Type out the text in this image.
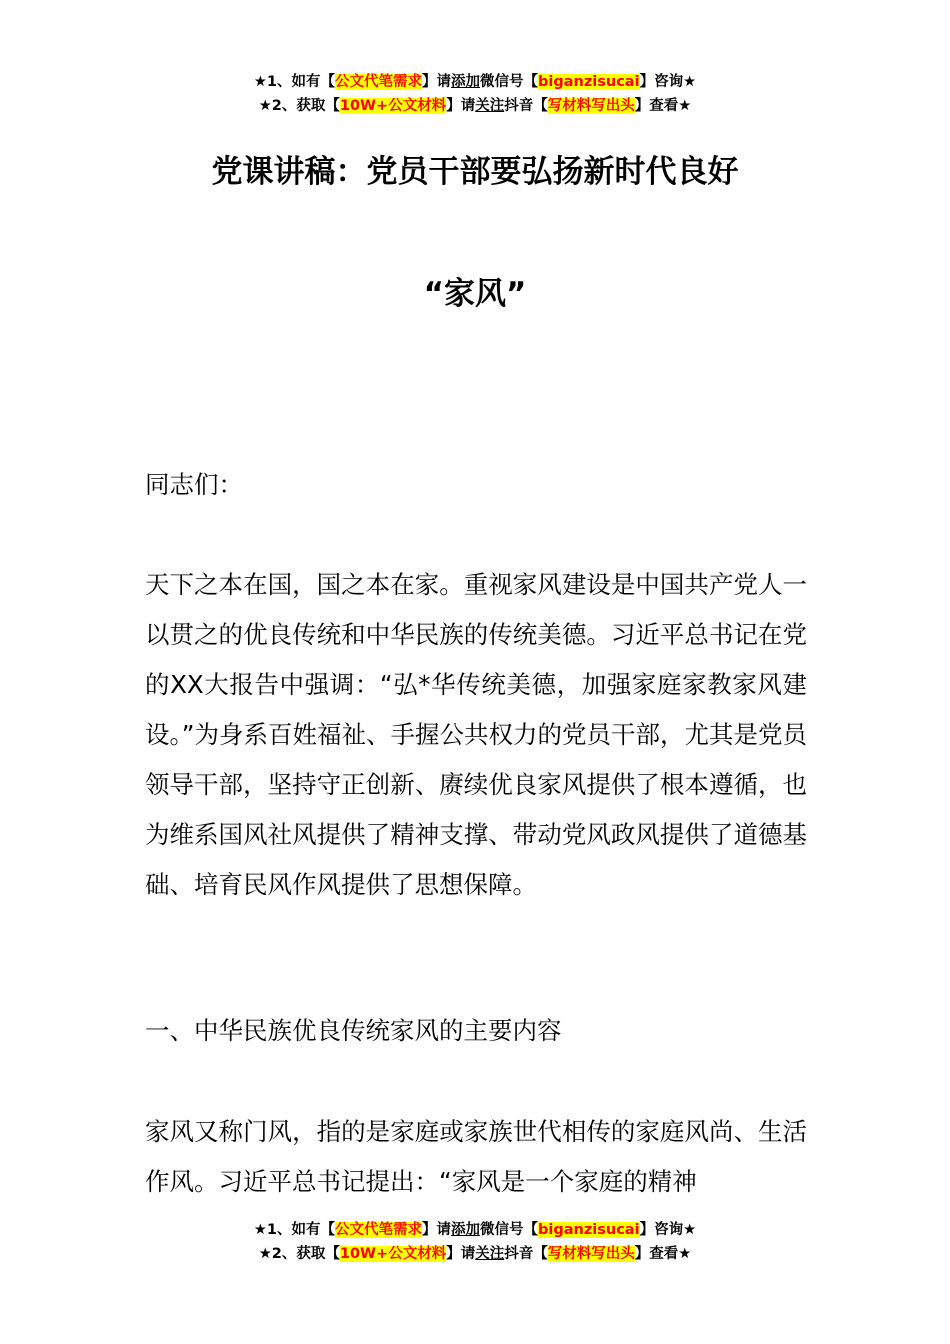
★1、如有【公文代笔需求】请添加微信号【biganzisucai】咨询★
★2、获取【10W+公文材料】请关注抖音【写材料写出头】查看★
党课讲稿：党员干部要弘扬新时代良好
“家风”

同志们：

天下之本在国，国之本在家。重视家风建设是中国共产党人一以贯之的优良传统和中华民族的传统美德。习近平总书记在党的XX大报告中强调：“弘*华传统美德，加强家庭家教家风建设。”为身系百姓福祉、手握公共权力的党员干部，尤其是党员领导干部，坚持守正创新、赓续优良家风提供了根本遵循，也为维系国风社风提供了精神支撑、带动党风政风提供了道德基础、培育民风作风提供了思想保障。

一、中华民族优良传统家风的主要内容

家风又称门风，指的是家庭或家族世代相传的家庭风尚、生活作风。习近平总书记提出：“家风是一个家庭的精神

★1、如有【公文代笔需求】请添加微信号【biganzisucai】咨询★
★2、获取【10W+公文材料】请关注抖音【写材料写出头】查看★
